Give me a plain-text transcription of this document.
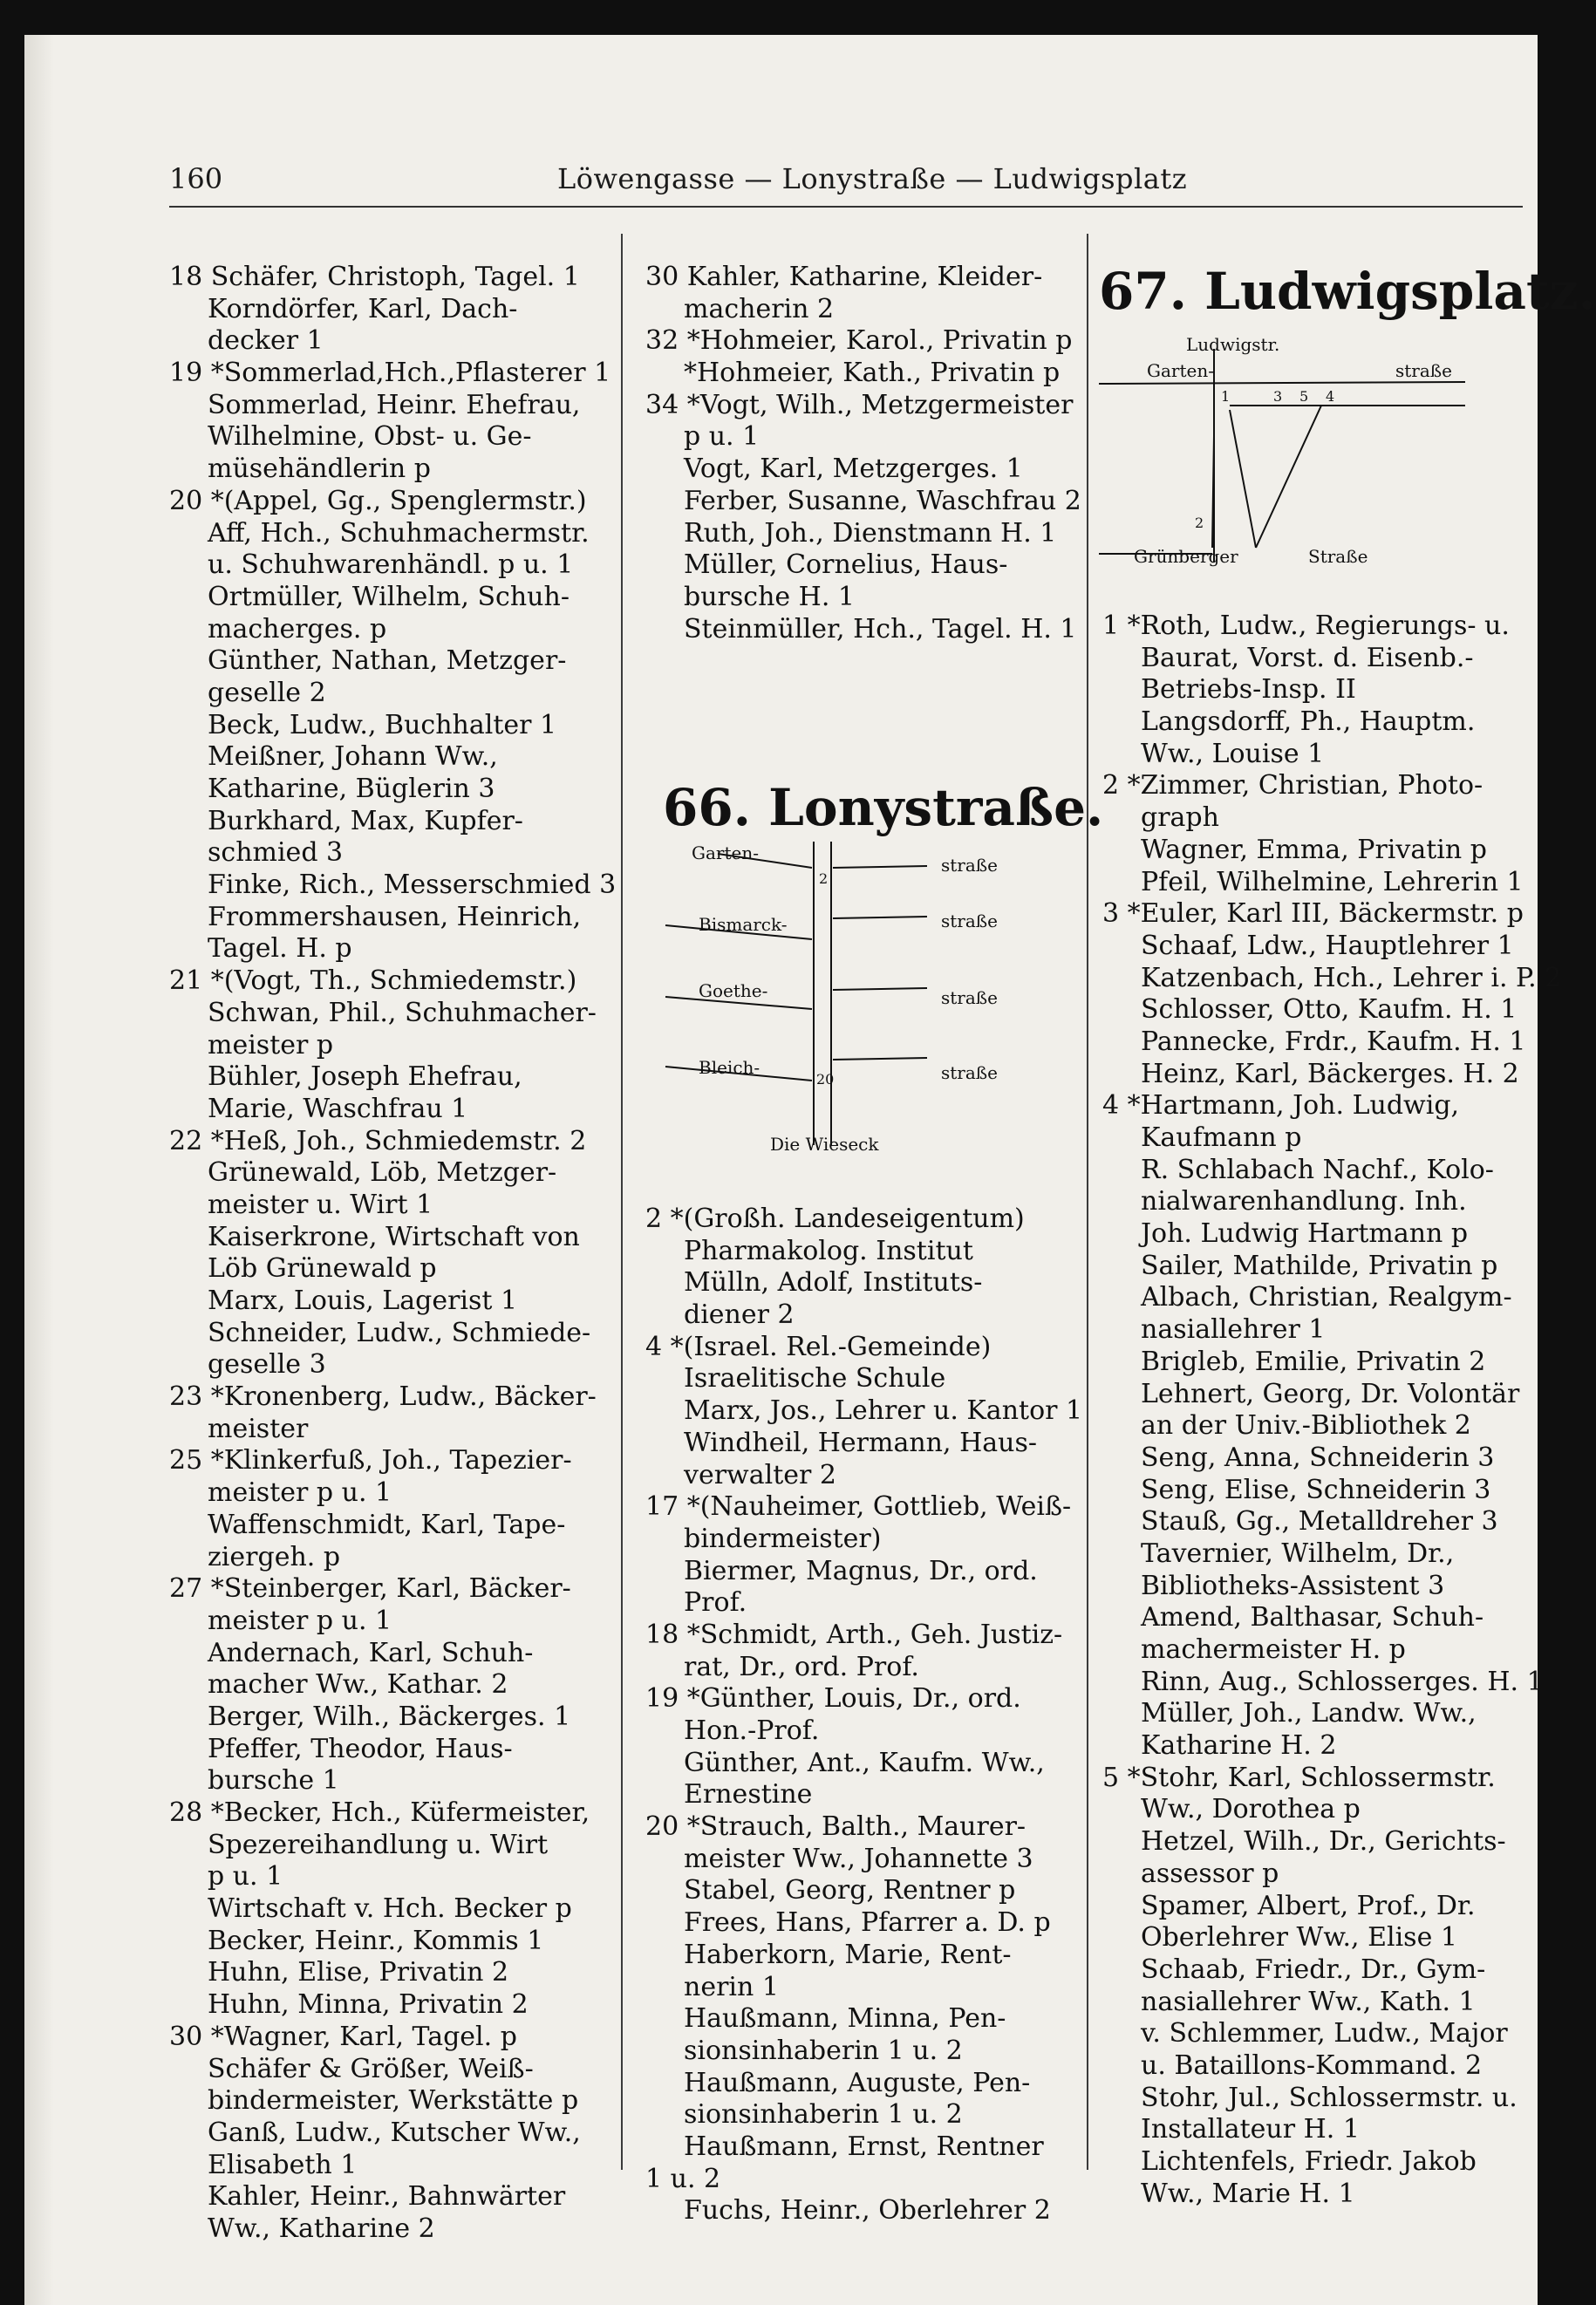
160	Löwengasse — Lonystraße — Ludwigsplatz
18 Schäfer, Christoph, Tagel. 1
Korndörfer, Karl, Dach-
decker 1
19 *Sommerlad,Hch.,Pflasterer 1
Sommerlad, Heinr. Ehefrau,
Wilhelmine, Obst- u. Ge-
müsehändlerin p
20 *(Appel, Gg., Spenglermstr.)
Aff, Hch., Schuhmachermstr.
u. Schuhwarenhändl. p u. 1
Ortmüller, Wilhelm, Schuh-
macherges. p
Günther, Nathan, Metzger-
geselle 2
Beck, Ludw., Buchhalter 1
Meißner, Johann Ww.,
Katharine, Büglerin 3
Burkhard, Max, Kupfer-
schmied 3
Finke, Rich., Messerschmied 3
Frommershausen, Heinrich,
Tagel. H. p
21 *(Vogt, Th., Schmiedemstr.)
Schwan, Phil., Schuhmacher-
meister p
Bühler, Joseph Ehefrau,
Marie, Waschfrau 1
22 *Heß, Joh., Schmiedemstr. 2
Grünewald, Löb, Metzger-
meister u. Wirt 1
Kaiserkrone, Wirtschaft von
Löb Grünewald p
Marx, Louis, Lagerist 1
Schneider, Ludw., Schmiede-
gesellе 3
23 *Kronenberg, Ludw., Bäcker-
meister
25 *Klinkerfuß, Joh., Tapezier-
meister p u. 1
Waffenschmidt, Karl, Tape-
ziergeh. p
27 *Steinberger, Karl, Bäcker-
meister p u. 1
Andernach, Karl, Schuh-
macher Ww., Kathar. 2
Berger, Wilh., Bäckerges. 1
Pfeffer, Theodor, Haus-
bursche 1
28 *Becker, Hch., Küfermeister,
Spezereihandlung u. Wirt
p u. 1
Wirtschaft v. Hch. Becker p
Becker, Heinr., Kommis 1
Huhn, Elise, Privatin 2
Huhn, Minna, Privatin 2
30 *Wagner, Karl, Tagel. p
Schäfer & Größer, Weiß-
bindermeister, Werkstätte p
Ganß, Ludw., Kutscher Ww.,
Elisabeth 1
Kahler, Heinr., Bahnwärter
Ww., Katharine 2
30 Kahler, Katharine, Kleider-
macherin 2
32 *Hohmeier, Karol., Privatin p
*Hohmeier, Kath., Privatin p
34 *Vogt, Wilh., Metzgermeister
p u. 1
Vogt, Karl, Metzgerges. 1
Ferber, Susanne, Waschfrau 2
Ruth, Joh., Dienstmann H. 1
Müller, Cornelius, Haus-
bursche H. 1
Steinmüller, Hch., Tagel. H. 1
66. Lonystraße.
Garten-
straße
Bismarck-	straße
Goethe-	straße
Bleich-	straße
Die Wieseck
2
20
2 *(Großh. Landeseigentum)
Pharmakolog. Institut
Mülln, Adolf, Instituts-
diener 2
4 *(Israel. Rel.-Gemeinde)
Israelitische Schule
Marx, Jos., Lehrer u. Kantor 1
Windheil, Hermann, Haus-
verwalter 2
17 *(Nauheimer, Gottlieb, Weiß-
bindermeister)
Biermer, Magnus, Dr., ord.
Prof.
18 *Schmidt, Arth., Geh. Justiz-
rat, Dr., ord. Prof.
19 *Günther, Louis, Dr., ord.
Hon.-Prof.
Günther, Ant., Kaufm. Ww.,
Ernestine
20 *Strauch, Balth., Maurer-
meister Ww., Johannette 3
Stabel, Georg, Rentner p
Frees, Hans, Pfarrer a. D. p
Haberkorn, Marie, Rent-
nerin 1
Haußmann, Minna, Pen-
sionsinhaberin 1 u. 2
Haußmann, Auguste, Pen-
sionsinhaberin 1 u. 2
Haußmann, Ernst, Rentner
1 u. 2
Fuchs, Heinr., Oberlehrer 2
67. Ludwigsplatz.
Ludwigstr.
Garten-	straße
Grünberger	Straße
1	3 5 4
2
1 *Roth, Ludw., Regierungs- u.
Baurat, Vorst. d. Eisenb.-
Betriebs-Insp. II
Langsdorff, Ph., Hauptm.
Ww., Louise 1
2 *Zimmer, Christian, Photo-
graph
Wagner, Emma, Privatin p
Pfeil, Wilhelmine, Lehrerin 1
3 *Euler, Karl III, Bäckermstr. p
Schaaf, Ldw., Hauptlehrer 1
Katzenbach, Hch., Lehrer i. P. 2
Schlosser, Otto, Kaufm. H. 1
Pannecke, Frdr., Kaufm. H. 1
Heinz, Karl, Bäckerges. H. 2
4 *Hartmann, Joh. Ludwig,
Kaufmann p
R. Schlabach Nachf., Kolo-
nialwarenhandlung. Inh.
Joh. Ludwig Hartmann p
Sailer, Mathilde, Privatin p
Albach, Christian, Realgym-
nasiallehrer 1
Brigleb, Emilie, Privatin 2
Lehnert, Georg, Dr. Volontär
an der Univ.-Bibliothek 2
Seng, Anna, Schneiderin 3
Seng, Elise, Schneiderin 3
Stauß, Gg., Metalldreher 3
Tavernier, Wilhelm, Dr.,
Bibliotheks-Assistent 3
Amend, Balthasar, Schuh-
machermeister H. p
Rinn, Aug., Schlosserges. H. 1
Müller, Joh., Landw. Ww.,
Katharine H. 2
5 *Stohr, Karl, Schlossermstr.
Ww., Dorothea p
Hetzel, Wilh., Dr., Gerichts-
assessor p
Spamer, Albert, Prof., Dr.
Oberlehrer Ww., Elise 1
Schaab, Friedr., Dr., Gym-
nasiallehrer Ww., Kath. 1
v. Schlemmer, Ludw., Major
u. Bataillons-Kommand. 2
Stohr, Jul., Schlossermstr. u.
Installateur H. 1
Lichtenfels, Friedr. Jakob
Ww., Marie H. 1
